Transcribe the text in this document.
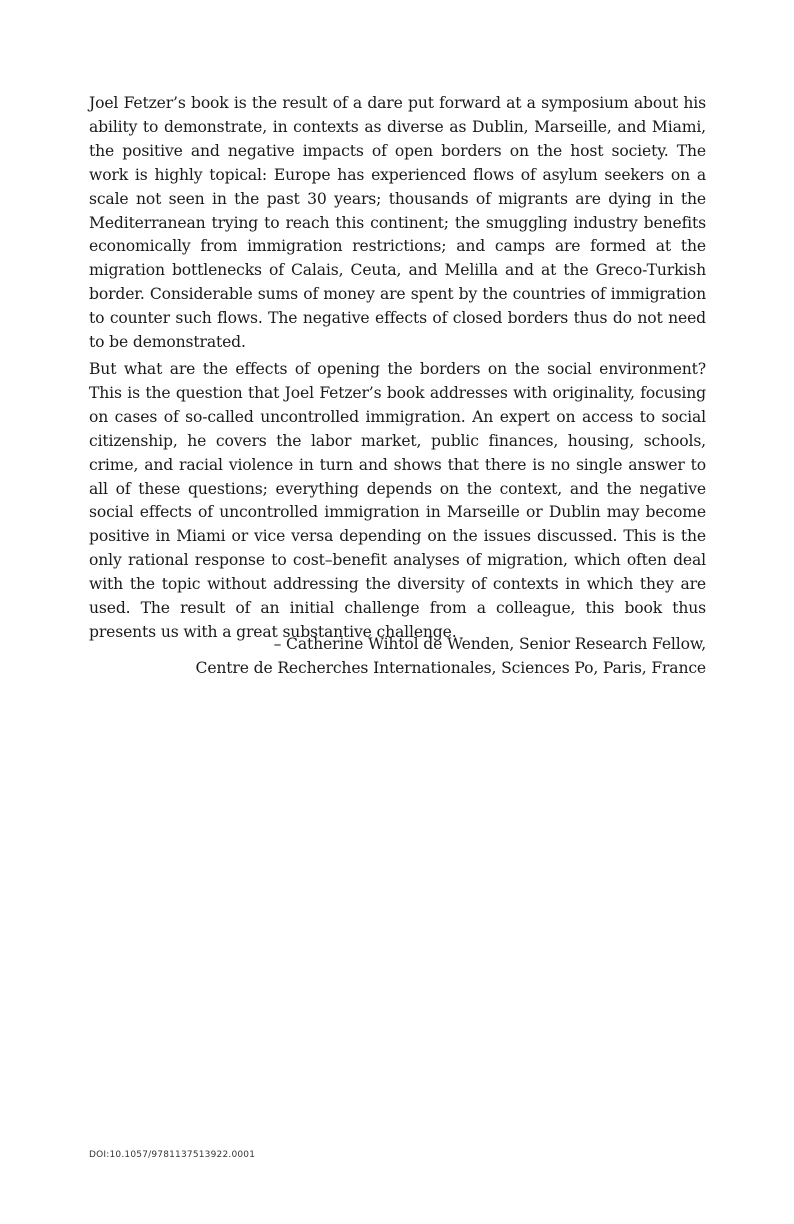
Joel Fetzer’s book is the result of a dare put forward at a symposium about his ability to demonstrate, in contexts as diverse as Dublin, Marseille, and Miami, the positive and negative impacts of open borders on the host society. The work is highly topical: Europe has experienced flows of asylum seekers on a scale not seen in the past 30 years; thousands of migrants are dying in the Mediterranean trying to reach this continent; the smuggling industry benefits economically from immigration restrictions; and camps are formed at the migration bottlenecks of Calais, Ceuta, and Melilla and at the Greco-Turkish border. Considerable sums of money are spent by the countries of immigration to counter such flows. The negative effects of closed borders thus do not need to be demonstrated.

But what are the effects of opening the borders on the social environment? This is the question that Joel Fetzer’s book addresses with originality, focusing on cases of so-called uncontrolled immigration. An expert on access to social citizenship, he covers the labor market, public finances, housing, schools, crime, and racial violence in turn and shows that there is no single answer to all of these questions; everything depends on the context, and the negative social effects of uncontrolled immigration in Marseille or Dublin may become positive in Miami or vice versa depending on the issues discussed. This is the only rational response to cost–benefit analyses of migration, which often deal with the topic without addressing the diversity of contexts in which they are used. The result of an initial challenge from a colleague, this book thus presents us with a great substantive challenge.

– Catherine Wihtol de Wenden, Senior Research Fellow,
Centre de Recherches Internationales, Sciences Po, Paris, France
DOI:10.1057/9781137513922.0001
